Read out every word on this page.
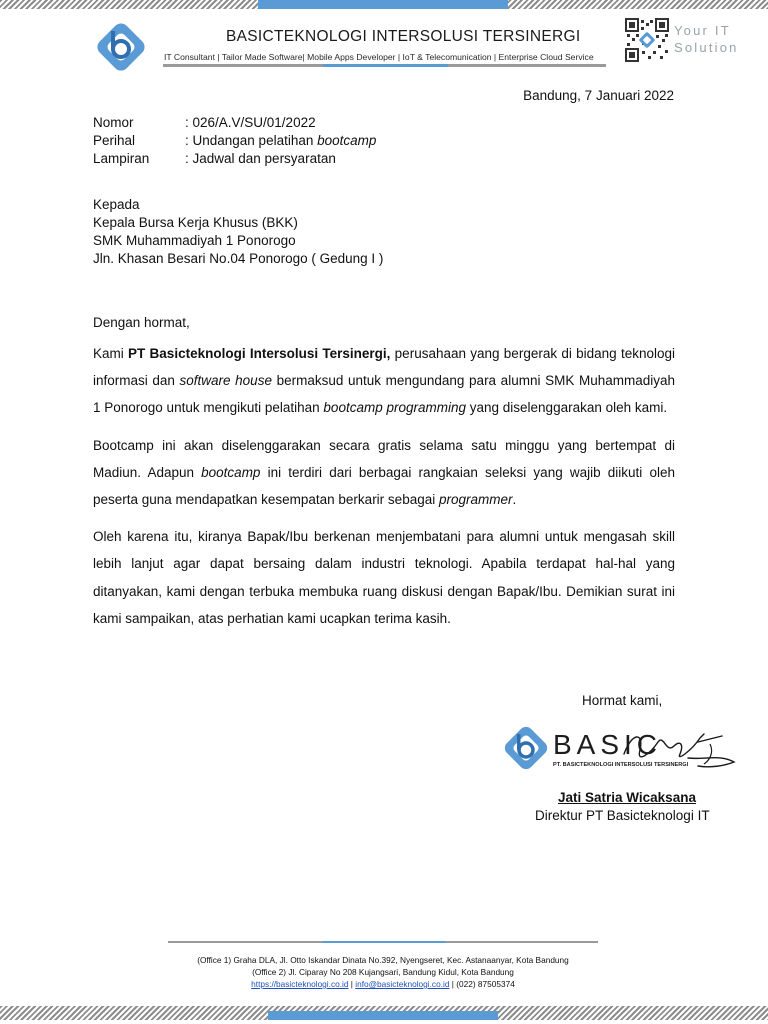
BASICTEKNOLOGI INTERSOLUSI TERSINERGI
IT Consultant | Tailor Made Software| Mobile Apps Developer | IoT & Telecomunication | Enterprise Cloud Service
Your IT
Solution
Bandung, 7 Januari 2022
Nomor	: 026/A.V/SU/01/2022
Perihal	: Undangan pelatihan bootcamp
Lampiran	: Jadwal dan persyaratan
Kepada
Kepala Bursa Kerja Khusus (BKK)
SMK Muhammadiyah 1 Ponorogo
Jln. Khasan Besari No.04 Ponorogo ( Gedung I )
Dengan hormat,

Kami PT Basicteknologi Intersolusi Tersinergi, perusahaan yang bergerak di bidang teknologi informasi dan software house bermaksud untuk mengundang para alumni SMK Muhammadiyah 1 Ponorogo untuk mengikuti pelatihan bootcamp programming yang diselenggarakan oleh kami.

Bootcamp ini akan diselenggarakan secara gratis selama satu minggu yang bertempat di Madiun. Adapun bootcamp ini terdiri dari berbagai rangkaian seleksi yang wajib diikuti oleh peserta guna mendapatkan kesempatan berkarir sebagai programmer.

Oleh karena itu, kiranya Bapak/Ibu berkenan menjembatani para alumni untuk mengasah skill lebih lanjut agar dapat bersaing dalam industri teknologi. Apabila terdapat hal-hal yang ditanyakan, kami dengan terbuka membuka ruang diskusi dengan Bapak/Ibu. Demikian surat ini kami sampaikan, atas perhatian kami ucapkan terima kasih.

Hormat kami,
BASIC
PT. BASICTEKNOLOGI INTERSOLUSI TERSINERGI
Jati Satria Wicaksana
Direktur PT Basicteknologi IT
(Office 1) Graha DLA, Jl. Otto Iskandar Dinata No.392, Nyengseret, Kec. Astanaanyar, Kota Bandung
(Office 2) Jl. Ciparay No 208 Kujangsari, Bandung Kidul, Kota Bandung
https://basicteknologi.co.id | info@basicteknologi.co.id | (022) 87505374
